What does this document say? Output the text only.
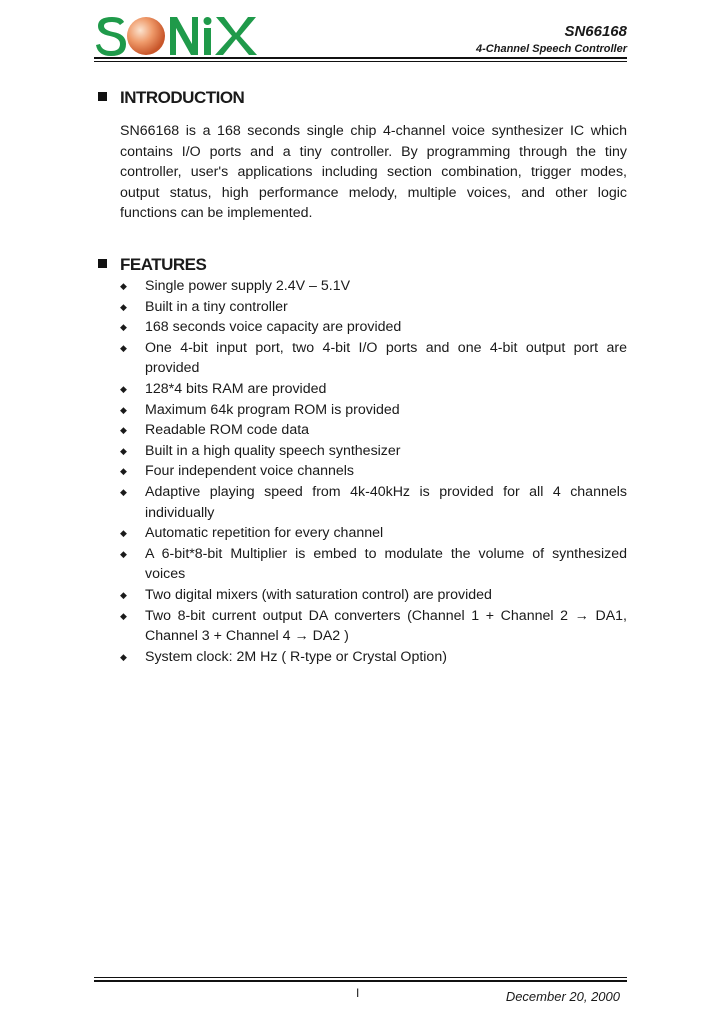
SN66168
4-Channel Speech Controller
INTRODUCTION

SN66168 is a 168 seconds single chip 4-channel voice synthesizer IC which contains I/O ports and a tiny controller. By programming through the tiny controller, user's applications including section combination, trigger modes, output status, high performance melody, multiple voices, and other logic functions can be implemented.

FEATURES
◆ Single power supply 2.4V – 5.1V
◆ Built in a tiny controller
◆ 168 seconds voice capacity are provided
◆ One 4-bit input port, two 4-bit I/O ports and one 4-bit output port are provided
◆ 128*4 bits RAM are provided
◆ Maximum 64k program ROM is provided
◆ Readable ROM code data
◆ Built in a high quality speech synthesizer
◆ Four independent voice channels
◆ Adaptive playing speed from 4k-40kHz is provided for all 4 channels individually
◆ Automatic repetition for every channel
◆ A 6-bit*8-bit Multiplier is embed to modulate the volume of synthesized voices
◆ Two digital mixers (with saturation control) are provided
◆ Two 8-bit current output DA converters (Channel 1 + Channel 2 → DA1, Channel 3 + Channel 4 → DA2 )
◆ System clock: 2M Hz ( R-type or Crystal Option)
I	December 20, 2000
